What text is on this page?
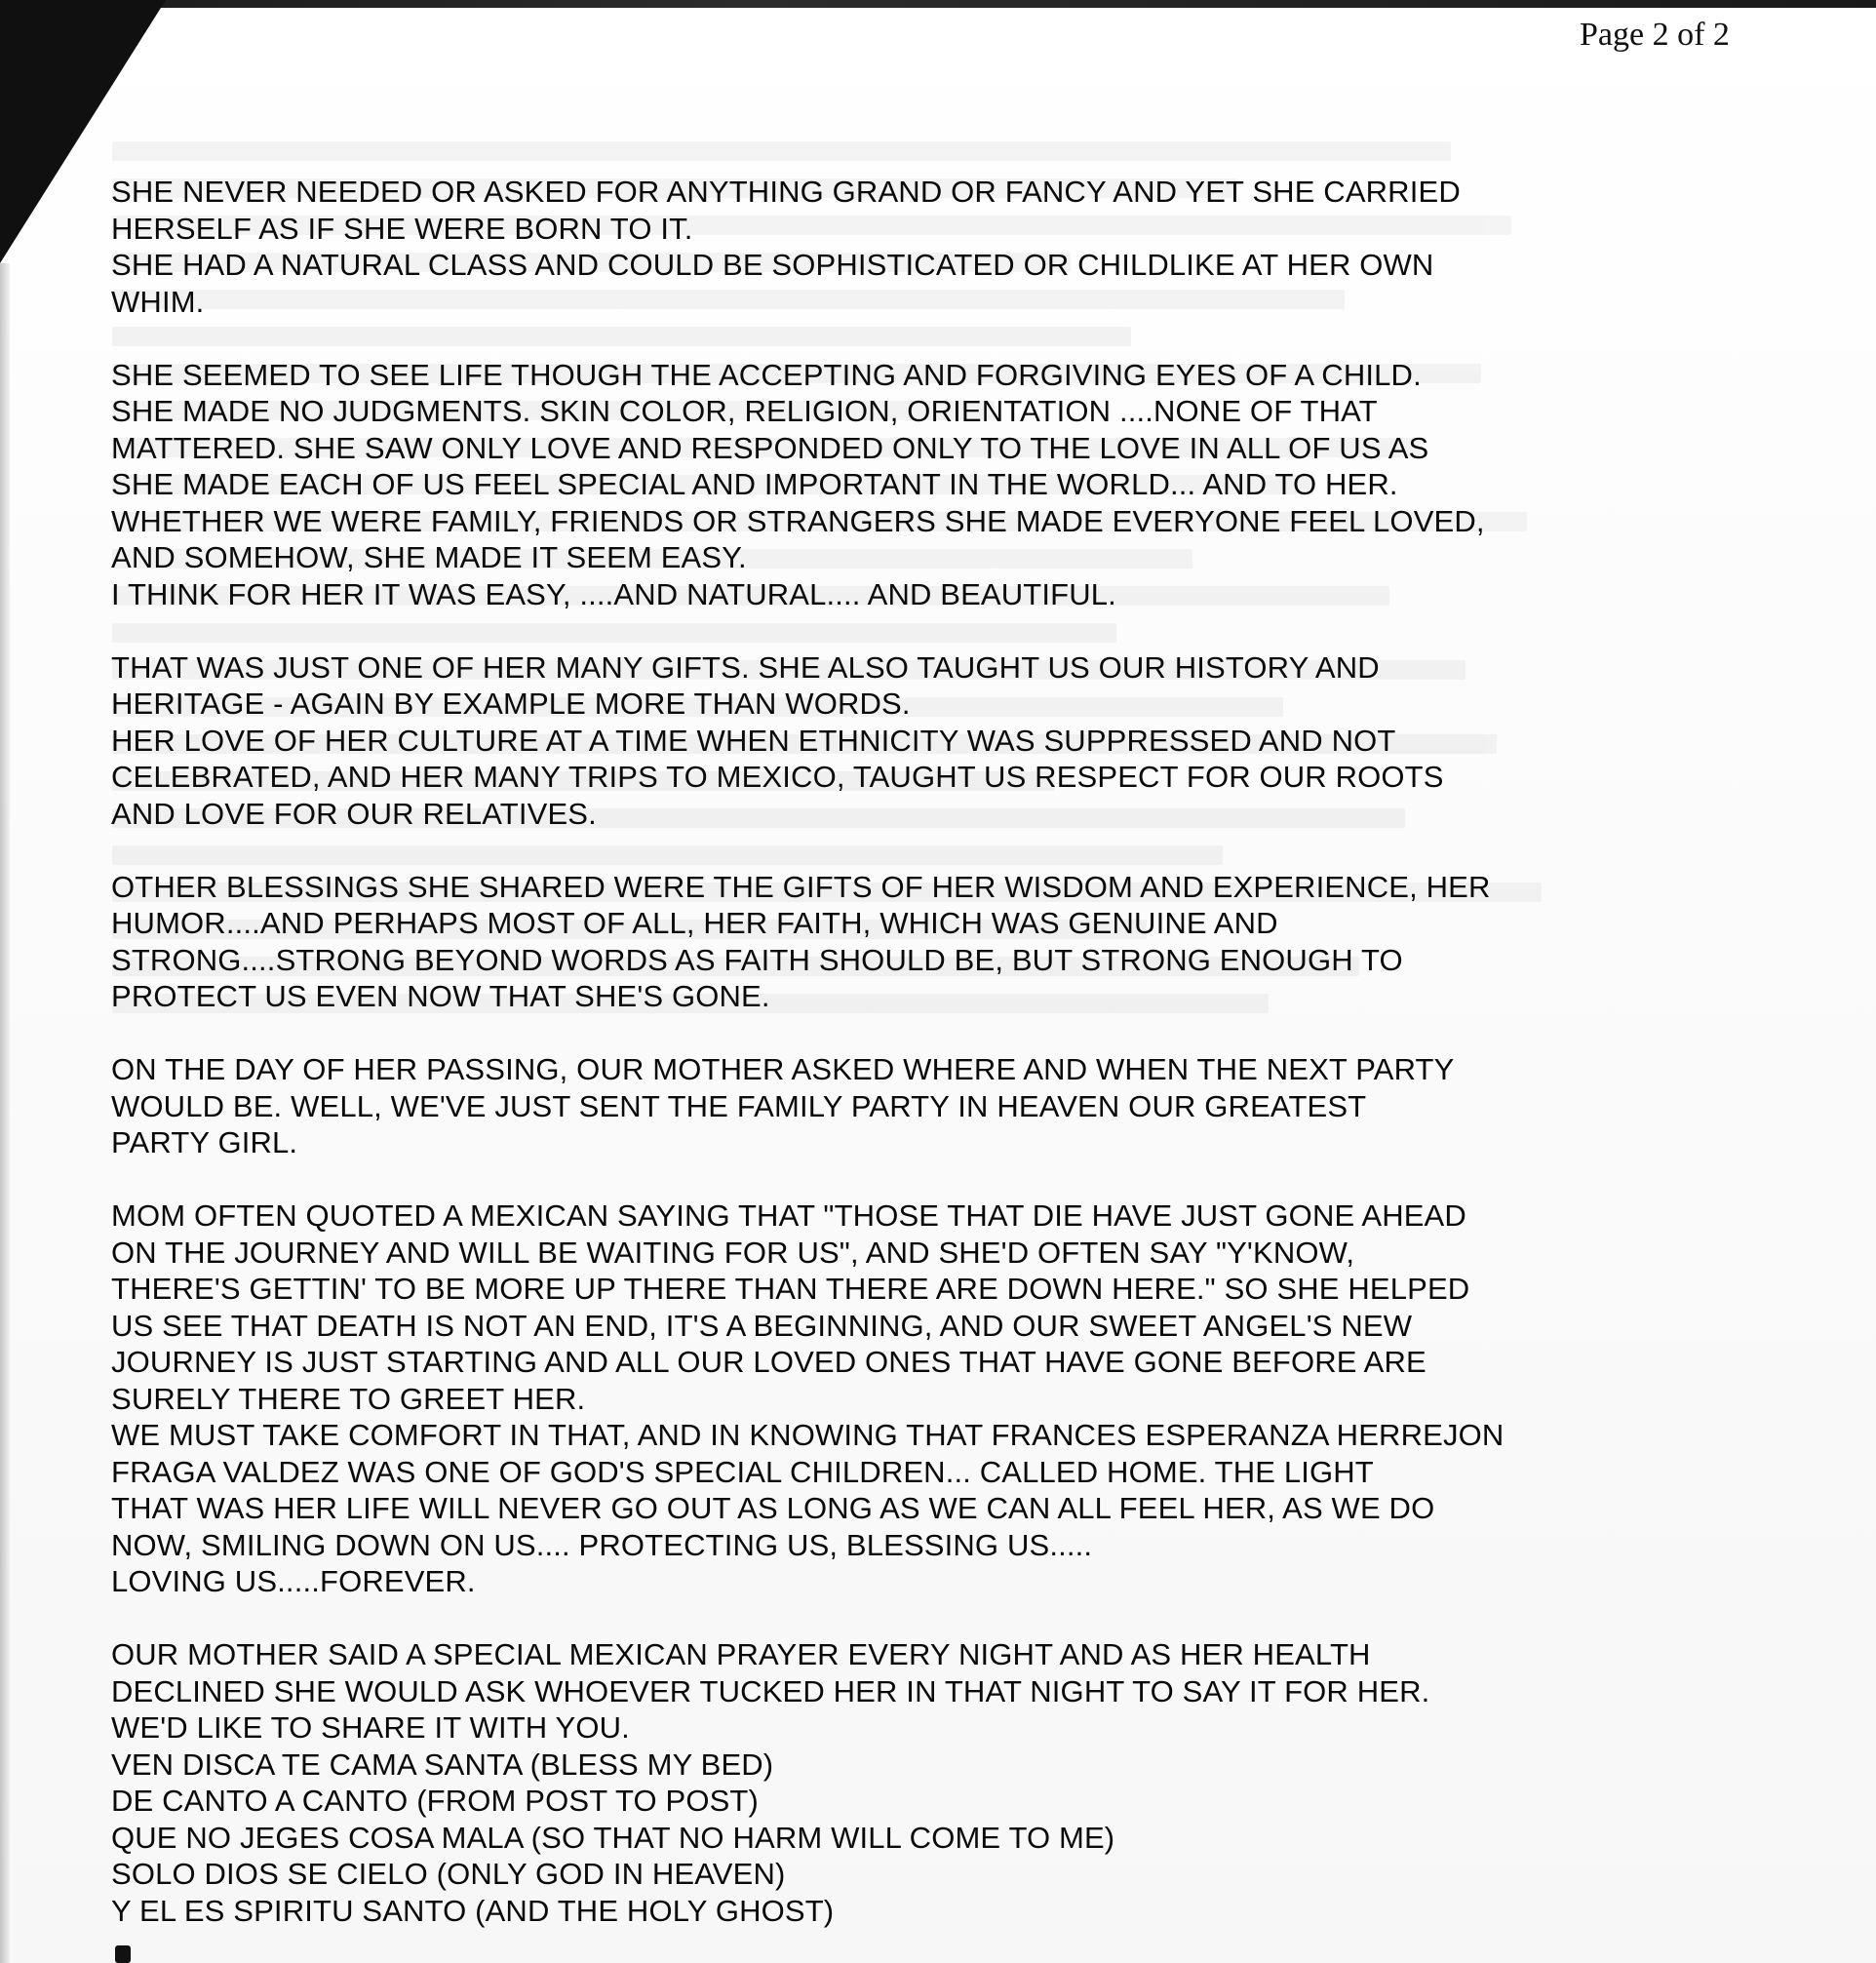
Page 2 of 2

SHE NEVER NEEDED OR ASKED FOR ANYTHING GRAND OR FANCY AND YET SHE CARRIED
HERSELF AS IF SHE WERE BORN TO IT.
SHE HAD A NATURAL CLASS AND COULD BE SOPHISTICATED OR CHILDLIKE AT HER OWN
WHIM.

SHE SEEMED TO SEE LIFE THOUGH THE ACCEPTING AND FORGIVING EYES OF A CHILD.
SHE MADE NO JUDGMENTS. SKIN COLOR, RELIGION, ORIENTATION ....NONE OF THAT
MATTERED. SHE SAW ONLY LOVE AND RESPONDED ONLY TO THE LOVE IN ALL OF US AS
SHE MADE EACH OF US FEEL SPECIAL AND IMPORTANT IN THE WORLD... AND TO HER.
WHETHER WE WERE FAMILY, FRIENDS OR STRANGERS SHE MADE EVERYONE FEEL LOVED,
AND SOMEHOW, SHE MADE IT SEEM EASY.
I THINK FOR HER IT WAS EASY, ....AND NATURAL.... AND BEAUTIFUL.

THAT WAS JUST ONE OF HER MANY GIFTS. SHE ALSO TAUGHT US OUR HISTORY AND
HERITAGE - AGAIN BY EXAMPLE MORE THAN WORDS.
HER LOVE OF HER CULTURE AT A TIME WHEN ETHNICITY WAS SUPPRESSED AND NOT
CELEBRATED, AND HER MANY TRIPS TO MEXICO, TAUGHT US RESPECT FOR OUR ROOTS
AND LOVE FOR OUR RELATIVES.

OTHER BLESSINGS SHE SHARED WERE THE GIFTS OF HER WISDOM AND EXPERIENCE, HER
HUMOR....AND PERHAPS MOST OF ALL, HER FAITH, WHICH WAS GENUINE AND
STRONG....STRONG BEYOND WORDS AS FAITH SHOULD BE, BUT STRONG ENOUGH TO
PROTECT US EVEN NOW THAT SHE'S GONE.

ON THE DAY OF HER PASSING, OUR MOTHER ASKED WHERE AND WHEN THE NEXT PARTY
WOULD BE. WELL, WE'VE JUST SENT THE FAMILY PARTY IN HEAVEN OUR GREATEST
PARTY GIRL.

MOM OFTEN QUOTED A MEXICAN SAYING THAT "THOSE THAT DIE HAVE JUST GONE AHEAD
ON THE JOURNEY AND WILL BE WAITING FOR US", AND SHE'D OFTEN SAY "Y'KNOW,
THERE'S GETTIN' TO BE MORE UP THERE THAN THERE ARE DOWN HERE." SO SHE HELPED
US SEE THAT DEATH IS NOT AN END, IT'S A BEGINNING, AND OUR SWEET ANGEL'S NEW
JOURNEY IS JUST STARTING AND ALL OUR LOVED ONES THAT HAVE GONE BEFORE ARE
SURELY THERE TO GREET HER.
WE MUST TAKE COMFORT IN THAT, AND IN KNOWING THAT FRANCES ESPERANZA HERREJON
FRAGA VALDEZ WAS ONE OF GOD'S SPECIAL CHILDREN... CALLED HOME. THE LIGHT
THAT WAS HER LIFE WILL NEVER GO OUT AS LONG AS WE CAN ALL FEEL HER, AS WE DO
NOW, SMILING DOWN ON US.... PROTECTING US, BLESSING US.....
LOVING US.....FOREVER.

OUR MOTHER SAID A SPECIAL MEXICAN PRAYER EVERY NIGHT AND AS HER HEALTH
DECLINED SHE WOULD ASK WHOEVER TUCKED HER IN THAT NIGHT TO SAY IT FOR HER.
WE'D LIKE TO SHARE IT WITH YOU.
VEN DISCA TE CAMA SANTA (BLESS MY BED)
DE CANTO A CANTO (FROM POST TO POST)
QUE NO JEGES COSA MALA (SO THAT NO HARM WILL COME TO ME)
SOLO DIOS SE CIELO (ONLY GOD IN HEAVEN)
Y EL ES SPIRITU SANTO (AND THE HOLY GHOST)
